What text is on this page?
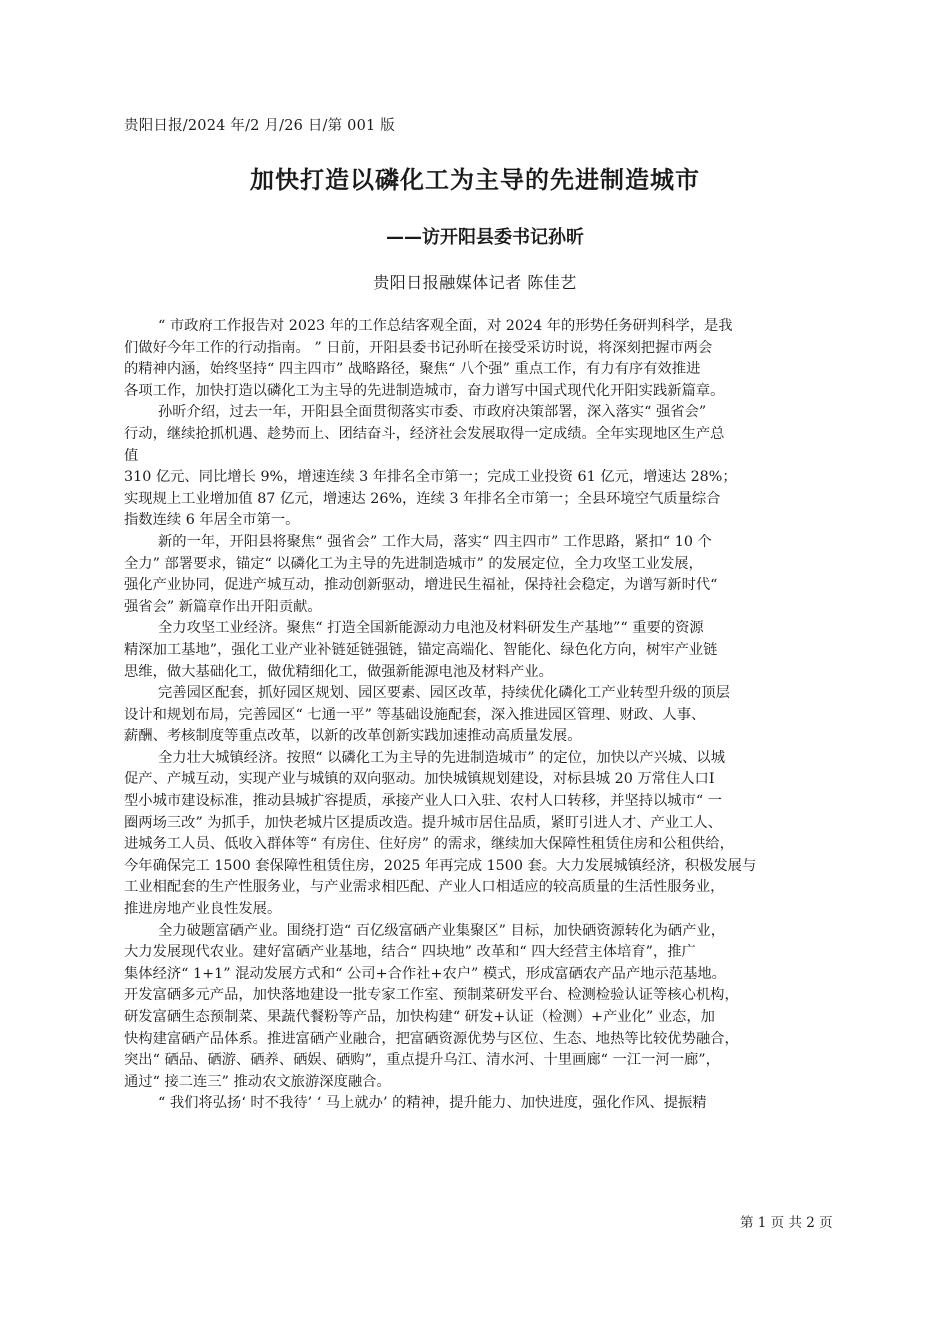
贵阳日报/2024 年/2 月/26 日/第 001 版
加快打造以磷化工为主导的先进制造城市
——访开阳县委书记孙昕
贵阳日报融媒体记者 陈佳艺

“ 市政府工作报告对 2023 年的工作总结客观全面，对 2024 年的形势任务研判科学，是我
们做好今年工作的行动指南。 ” 日前，开阳县委书记孙昕在接受采访时说，将深刻把握市两会
的精神内涵，始终坚持“ 四主四市” 战略路径，聚焦“ 八个强” 重点工作，有力有序有效推进
各项工作，加快打造以磷化工为主导的先进制造城市，奋力谱写中国式现代化开阳实践新篇章。

孙昕介绍，过去一年，开阳县全面贯彻落实市委、市政府决策部署，深入落实“ 强省会”
行动，继续抢抓机遇、趁势而上、团结奋斗，经济社会发展取得一定成绩。全年实现地区生产总
值
310 亿元、同比增长 9%，增速连续 3 年排名全市第一；完成工业投资 61 亿元，增速达 28%；
实现规上工业增加值 87 亿元，增速达 26%，连续 3 年排名全市第一；全县环境空气质量综合
指数连续 6 年居全市第一。

新的一年，开阳县将聚焦“ 强省会” 工作大局，落实“ 四主四市” 工作思路，紧扣“ 10 个
全力” 部署要求，锚定“ 以磷化工为主导的先进制造城市” 的发展定位，全力攻坚工业发展，
强化产业协同，促进产城互动，推动创新驱动，增进民生福祉，保持社会稳定，为谱写新时代“
强省会” 新篇章作出开阳贡献。

全力攻坚工业经济。聚焦“ 打造全国新能源动力电池及材料研发生产基地”“ 重要的资源
精深加工基地”，强化工业产业补链延链强链，锚定高端化、智能化、绿色化方向，树牢产业链
思维，做大基础化工，做优精细化工，做强新能源电池及材料产业。

完善园区配套，抓好园区规划、园区要素、园区改革，持续优化磷化工产业转型升级的顶层
设计和规划布局，完善园区“ 七通一平” 等基础设施配套，深入推进园区管理、财政、人事、
薪酬、考核制度等重点改革，以新的改革创新实践加速推动高质量发展。

全力壮大城镇经济。按照“ 以磷化工为主导的先进制造城市” 的定位，加快以产兴城、以城
促产、产城互动，实现产业与城镇的双向驱动。加快城镇规划建设，对标县城 20 万常住人口Ⅰ
型小城市建设标准，推动县城扩容提质，承接产业人口入驻、农村人口转移，并坚持以城市“ 一
圈两场三改” 为抓手，加快老城片区提质改造。提升城市居住品质，紧盯引进人才、产业工人、
进城务工人员、低收入群体等“ 有房住、住好房” 的需求，继续加大保障性租赁住房和公租供给，
今年确保完工 1500 套保障性租赁住房，2025 年再完成 1500 套。大力发展城镇经济，积极发展与
工业相配套的生产性服务业，与产业需求相匹配、产业人口相适应的较高质量的生活性服务业，
推进房地产业良性发展。

全力破题富硒产业。围绕打造“ 百亿级富硒产业集聚区” 目标，加快硒资源转化为硒产业，
大力发展现代农业。建好富硒产业基地，结合“ 四块地” 改革和“ 四大经营主体培育”，推广
集体经济“ 1+1” 混动发展方式和“ 公司+合作社+农户” 模式，形成富硒农产品产地示范基地。
开发富硒多元产品，加快落地建设一批专家工作室、预制菜研发平台、检测检验认证等核心机构，
研发富硒生态预制菜、果蔬代餐粉等产品，加快构建“ 研发+认证（检测）+产业化” 业态，加
快构建富硒产品体系。推进富硒产业融合，把富硒资源优势与区位、生态、地热等比较优势融合，
突出“ 硒品、硒游、硒养、硒娱、硒购”，重点提升乌江、清水河、十里画廊“ 一江一河一廊”，
通过“ 接二连三” 推动农文旅游深度融合。

“ 我们将弘扬‘ 时不我待’ ‘ 马上就办’ 的精神，提升能力、加快进度，强化作风、提振精

第 1 页 共 2 页
